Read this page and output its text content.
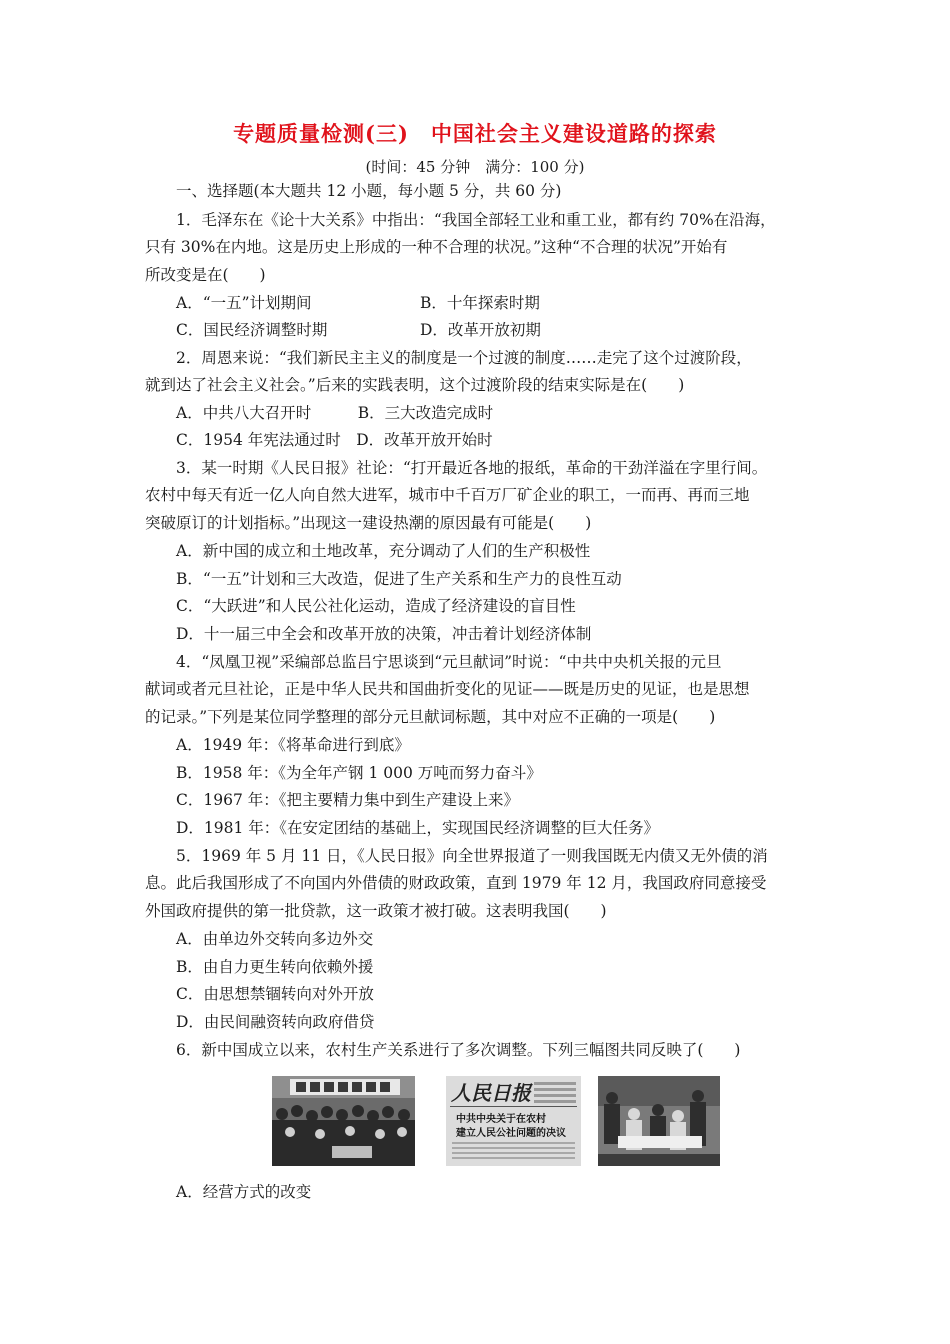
专题质量检测(三) 中国社会主义建设道路的探索
(时间：45 分钟　满分：100 分)
一、选择题(本大题共 12 小题，每小题 5 分，共 60 分)
1．毛泽东在《论十大关系》中指出：“我国全部轻工业和重工业，都有约 70%在沿海，
只有 30%在内地。这是历史上形成的一种不合理的状况。”这种“不合理的状况”开始有
所改变是在(　　)
A．“一五”计划期间	B．十年探索时期
C．国民经济调整时期	D．改革开放初期
2．周恩来说：“我们新民主主义的制度是一个过渡的制度……走完了这个过渡阶段，
就到达了社会主义社会。”后来的实践表明，这个过渡阶段的结束实际是在(　　)
A．中共八大召开时　　　B．三大改造完成时
C．1954 年宪法通过时　D．改革开放开始时
3．某一时期《人民日报》社论：“打开最近各地的报纸，革命的干劲洋溢在字里行间。
农村中每天有近一亿人向自然大进军，城市中千百万厂矿企业的职工，一而再、再而三地
突破原订的计划指标。”出现这一建设热潮的原因最有可能是(　　)
A．新中国的成立和土地改革，充分调动了人们的生产积极性
B．“一五”计划和三大改造，促进了生产关系和生产力的良性互动
C．“大跃进”和人民公社化运动，造成了经济建设的盲目性
D．十一届三中全会和改革开放的决策，冲击着计划经济体制
4．“凤凰卫视”采编部总监吕宁思谈到“元旦献词”时说：“中共中央机关报的元旦
献词或者元旦社论，正是中华人民共和国曲折变化的见证——既是历史的见证，也是思想
的记录。”下列是某位同学整理的部分元旦献词标题，其中对应不正确的一项是(　　)
A．1949 年：《将革命进行到底》
B．1958 年：《为全年产钢 1 000 万吨而努力奋斗》
C．1967 年：《把主要精力集中到生产建设上来》
D．1981 年：《在安定团结的基础上，实现国民经济调整的巨大任务》
5．1969 年 5 月 11 日，《人民日报》向全世界报道了一则我国既无内债又无外债的消
息。此后我国形成了不向国内外借债的财政政策，直到 1979 年 12 月，我国政府同意接受
外国政府提供的第一批贷款，这一政策才被打破。这表明我国(　　)
A．由单边外交转向多边外交
B．由自力更生转向依赖外援
C．由思想禁锢转向对外开放
D．由民间融资转向政府借贷
6．新中国成立以来，农村生产关系进行了多次调整。下列三幅图共同反映了(　　)
人民日报
中共中央关于在农村
建立人民公社问题的决议
A．经营方式的改变
